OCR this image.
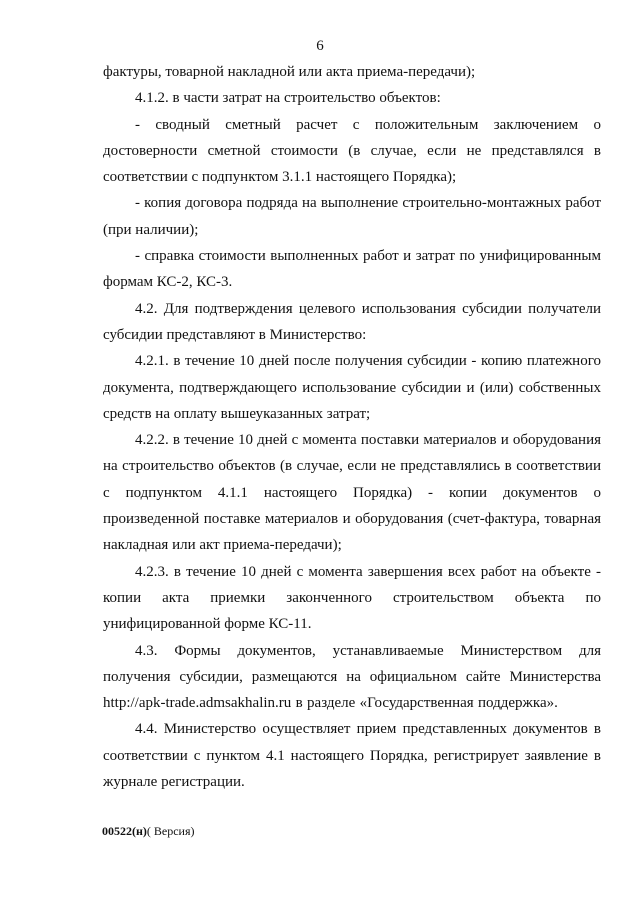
6

фактуры, товарной накладной или акта приема-передачи);

4.1.2. в части затрат на строительство объектов:

- сводный сметный расчет с положительным заключением о достоверности сметной стоимости (в случае, если не представлялся в соответствии с подпунктом 3.1.1 настоящего Порядка);

- копия договора подряда на выполнение строительно-монтажных работ (при наличии);

- справка стоимости выполненных работ и затрат по унифицированным формам КС-2, КС-3.

4.2. Для подтверждения целевого использования субсидии получатели субсидии представляют в Министерство:

4.2.1. в течение 10 дней после получения субсидии - копию платежного документа, подтверждающего использование субсидии и (или) собственных средств на оплату вышеуказанных затрат;

4.2.2. в течение 10 дней с момента поставки материалов и оборудования на строительство объектов (в случае, если не представлялись в соответствии с подпунктом 4.1.1 настоящего Порядка) - копии документов о произведенной поставке материалов и оборудования (счет-фактура, товарная накладная или акт приема-передачи);

4.2.3. в течение 10 дней с момента завершения всех работ на объекте - копии акта приемки законченного строительством объекта по унифицированной форме КС-11.

4.3. Формы документов, устанавливаемые Министерством для получения субсидии, размещаются на официальном сайте Министерства http://apk-trade.admsakhalin.ru в разделе «Государственная поддержка».

4.4. Министерство осуществляет прием представленных документов в соответствии с пунктом 4.1 настоящего Порядка, регистрирует заявление в журнале регистрации.

00522(н)( Версия)
